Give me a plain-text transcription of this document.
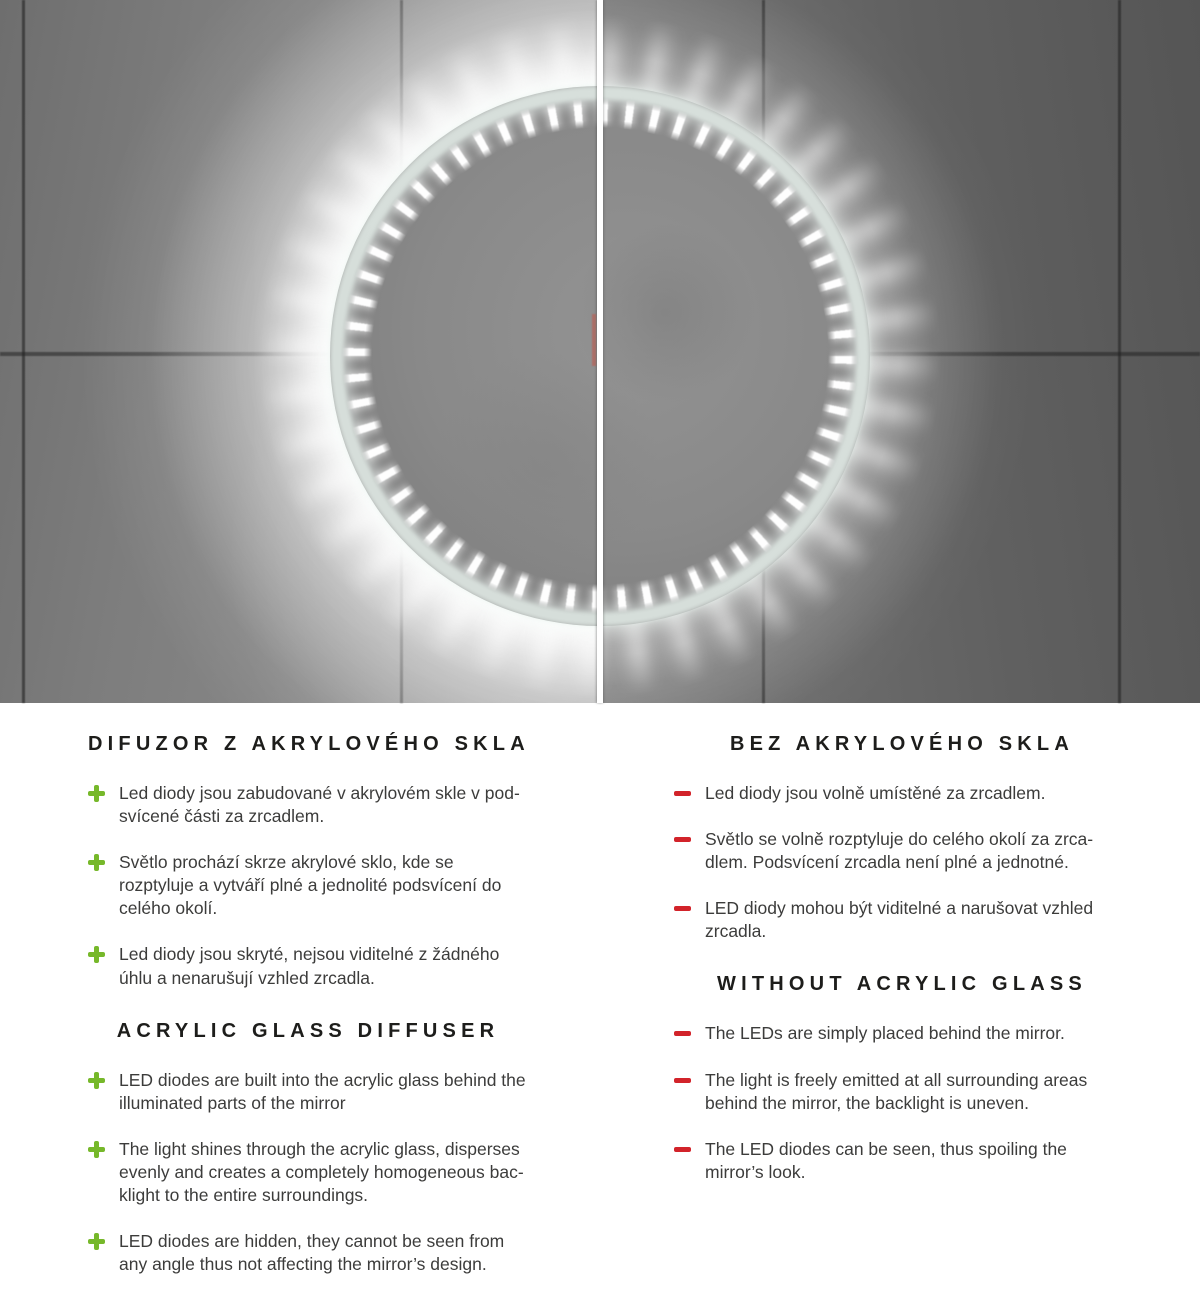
DIFUZOR Z AKRYLOVÉHO SKLA
Led diody jsou zabudované v akrylovém skle v pod-svícené části za zrcadlem.
Světlo prochází skrze akrylové sklo, kde se rozptyluje a vytváří plné a jednolité podsvícení do celého okolí.
Led diody jsou skryté, nejsou viditelné z žádného úhlu a nenarušují vzhled zrcadla.
ACRYLIC GLASS DIFFUSER
LED diodes are built into the acrylic glass behind the illuminated parts of the mirror
The light shines through the acrylic glass, disperses evenly and creates a completely homogeneous bac-klight to the entire surroundings.
LED diodes are hidden, they cannot be seen from any angle thus not affecting the mirror’s design.
BEZ AKRYLOVÉHO SKLA
Led diody jsou volně umístěné za zrcadlem.
Světlo se volně rozptyluje do celého okolí za zrca-dlem. Podsvícení zrcadla není plné a jednotné.
LED diody mohou být viditelné a narušovat vzhled zrcadla.
WITHOUT ACRYLIC GLASS
The LEDs are simply placed behind the mirror.
The light is freely emitted at all surrounding areas behind the mirror, the backlight is uneven.
The LED diodes can be seen, thus spoiling the mirror’s look.
